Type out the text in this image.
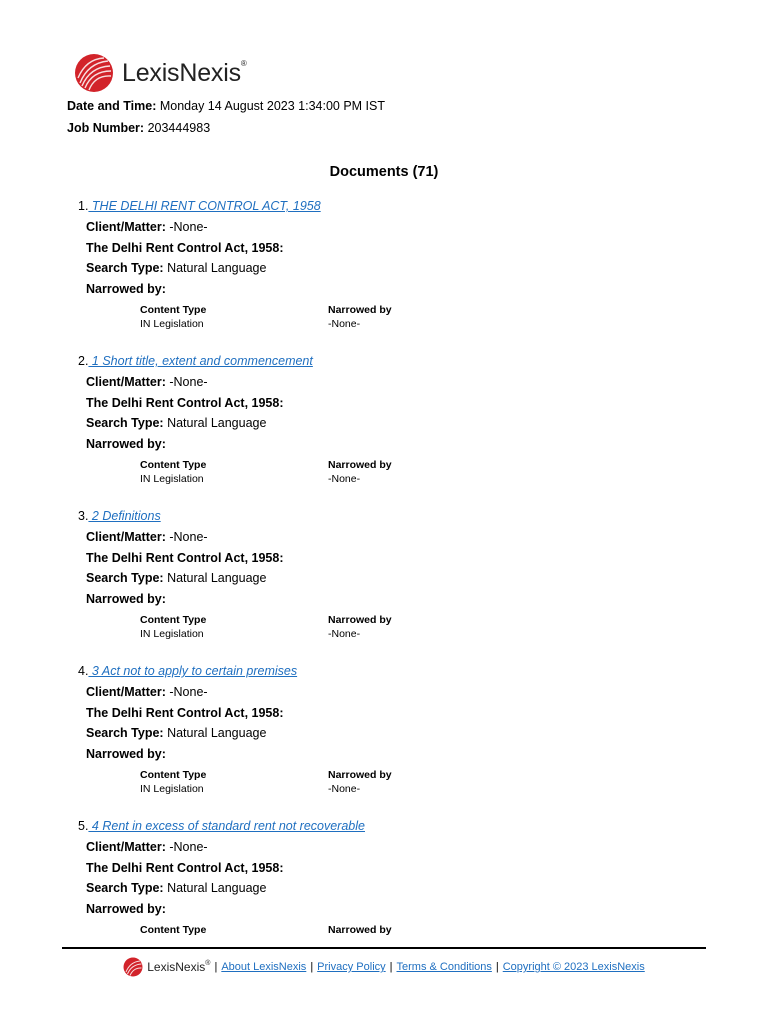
LexisNexis®
Date and Time: Monday 14 August 2023 1:34:00 PM IST
Job Number: 203444983
Documents (71)
1. THE DELHI RENT CONTROL ACT, 1958
Client/Matter: -None-
The Delhi Rent Control Act, 1958:
Search Type: Natural Language
Narrowed by:
Content Type	Narrowed by
IN Legislation	-None-
2. 1 Short title, extent and commencement
Client/Matter: -None-
The Delhi Rent Control Act, 1958:
Search Type: Natural Language
Narrowed by:
Content Type	Narrowed by
IN Legislation	-None-
3. 2 Definitions
Client/Matter: -None-
The Delhi Rent Control Act, 1958:
Search Type: Natural Language
Narrowed by:
Content Type	Narrowed by
IN Legislation	-None-
4. 3 Act not to apply to certain premises
Client/Matter: -None-
The Delhi Rent Control Act, 1958:
Search Type: Natural Language
Narrowed by:
Content Type	Narrowed by
IN Legislation	-None-
5. 4 Rent in excess of standard rent not recoverable
Client/Matter: -None-
The Delhi Rent Control Act, 1958:
Search Type: Natural Language
Narrowed by:
Content Type	Narrowed by
LexisNexis® | About LexisNexis | Privacy Policy | Terms & Conditions | Copyright © 2023 LexisNexis
